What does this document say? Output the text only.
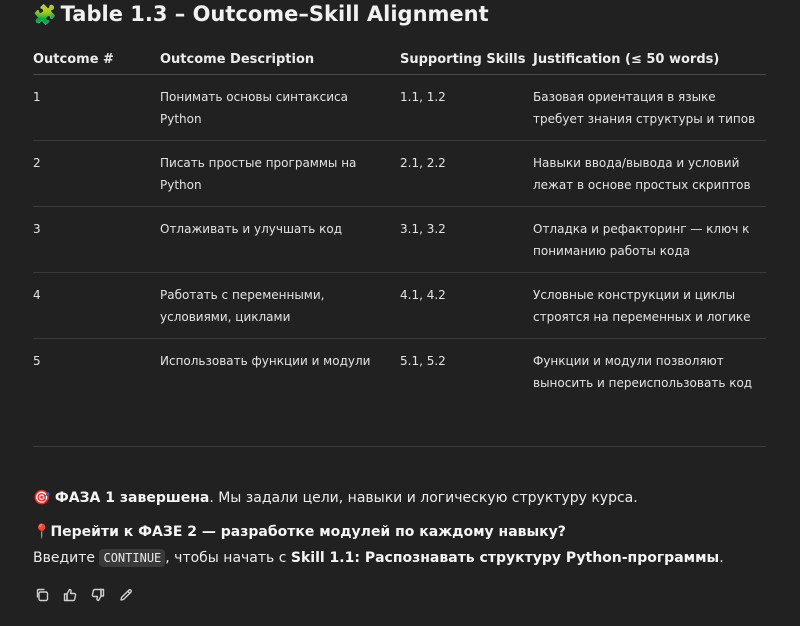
🧩 Table 1.3 – Outcome–Skill Alignment
Outcome #	Outcome Description	Supporting Skills	Justification (≤ 50 words)
1	Понимать основы синтаксиса Python	1.1, 1.2	Базовая ориентация в языке требует знания структуры и типов

2	Писать простые программы на Python	2.1, 2.2	Навыки ввода/вывода и условий лежат в основе простых скриптов

3	Отлаживать и улучшать код	3.1, 3.2	Отладка и рефакторинг — ключ к пониманию работы кода

4	Работать с переменными, условиями, циклами	4.1, 4.2	Условные конструкции и циклы строятся на переменных и логике

5	Использовать функции и модули	5.1, 5.2	Функции и модули позволяют выносить и переиспользовать код
🎯 ФАЗА 1 завершена. Мы задали цели, навыки и логическую структуру курса.
📍Перейти к ФАЗЕ 2 — разработке модулей по каждому навыку?
Введите CONTINUE , чтобы начать с Skill 1.1: Распознавать структуру Python-программы.
